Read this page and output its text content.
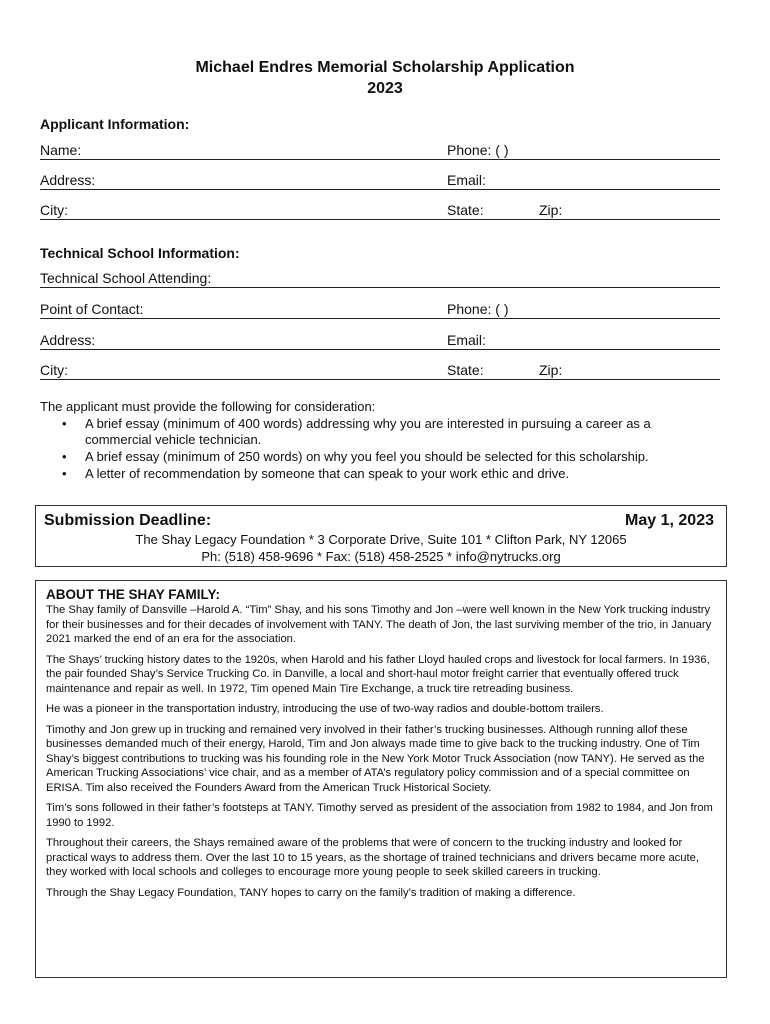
Michael Endres Memorial Scholarship Application
2023
Applicant Information:
Name:	Phone: ( )
Address:	Email:
City:	State:	Zip:
Technical School Information:
Technical School Attending:
Point of Contact:	Phone: ( )
Address:	Email:
City:	State:	Zip:
The applicant must provide the following for consideration:
• A brief essay (minimum of 400 words) addressing why you are interested in pursuing a career as a commercial vehicle technician.
• A brief essay (minimum of 250 words) on why you feel you should be selected for this scholarship.
• A letter of recommendation by someone that can speak to your work ethic and drive.
Submission Deadline:	May 1, 2023
The Shay Legacy Foundation * 3 Corporate Drive, Suite 101 * Clifton Park, NY 12065
Ph: (518) 458-9696 * Fax: (518) 458-2525 * info@nytrucks.org
ABOUT THE SHAY FAMILY:

The Shay family of Dansville –Harold A. “Tim” Shay, and his sons Timothy and Jon –were well known in the New York trucking industry for their businesses and for their decades of involvement with TANY. The death of Jon, the last surviving member of the trio, in January 2021 marked the end of an era for the association.

The Shays’ trucking history dates to the 1920s, when Harold and his father Lloyd hauled crops and livestock for local farmers. In 1936, the pair founded Shay’s Service Trucking Co. in Danville, a local and short-haul motor freight carrier that eventually offered truck maintenance and repair as well. In 1972, Tim opened Main Tire Exchange, a truck tire retreading business.

He was a pioneer in the transportation industry, introducing the use of two-way radios and double-bottom trailers.

Timothy and Jon grew up in trucking and remained very involved in their father’s trucking businesses. Although running allof these businesses demanded much of their energy, Harold, Tim and Jon always made time to give back to the trucking industry. One of Tim Shay’s biggest contributions to trucking was his founding role in the New York Motor Truck Association (now TANY). He served as the American Trucking Associations’ vice chair, and as a member of ATA’s regulatory policy commission and of a special committee on ERISA. Tim also received the Founders Award from the American Truck Historical Society.

Tim’s sons followed in their father’s footsteps at TANY. Timothy served as president of the association from 1982 to 1984, and Jon from 1990 to 1992.

Throughout their careers, the Shays remained aware of the problems that were of concern to the trucking industry and looked for practical ways to address them. Over the last 10 to 15 years, as the shortage of trained technicians and drivers became more acute, they worked with local schools and colleges to encourage more young people to seek skilled careers in trucking.

Through the Shay Legacy Foundation, TANY hopes to carry on the family’s tradition of making a difference.
